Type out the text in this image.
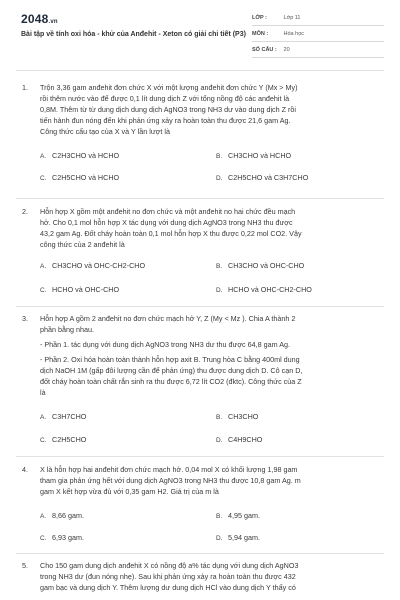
2048.vn
Bài tập về tính oxi hóa - khử của Anđehit - Xeton có giải chi tiết (P3)
LỚP :	Lớp 11
MÔN :	Hóa học
SỐ CÂU : 20
1.	Trộn 3,36 gam anđehit đơn chức X với một lượng anđehit đơn chức Y (Mx > My)
rồi thêm nước vào để được 0,1 lít dung dịch Z với tổng nồng độ các anđehit là
0,8M. Thêm từ từ dung dịch dung dịch AgNO3 trong NH3 dư vào dung dịch Z rồi
tiến hành đun nóng đến khi phản ứng xảy ra hoàn toàn thu được 21,6 gam Ag.
Công thức cấu tạo của X và Y lần lượt là
A. C2H3CHO và HCHO	B. CH3CHO và HCHO
C. C2H5CHO và HCHO	D. C2H5CHO và C3H7CHO
2.	Hỗn hợp X gồm một anđehit no đơn chức và một anđehit no hai chức đều mạch
hở. Cho 0,1 mol hỗn hợp X tác dụng với dung dịch AgNO3 trong NH3 thu được
43,2 gam Ag. Đốt cháy hoàn toàn 0,1 mol hỗn hợp X thu được 0,22 mol CO2. Vậy
công thức của 2 anđehit là
A. CH3CHO và OHC-CH2-CHO	B. CH3CHO và OHC-CHO
C. HCHO và OHC-CHO	D. HCHO và OHC-CH2-CHO
3.	Hỗn hợp A gồm 2 anđehit no đơn chức mạch hở Y, Z (My < Mz ). Chia A thành 2
phần bằng nhau.
- Phần 1. tác dụng với dung dịch AgNO3 trong NH3 dư thu được 64,8 gam Ag.
- Phần 2. Oxi hóa hoàn toàn thành hỗn hợp axit B. Trung hòa C bằng 400ml dung
dịch NaOH 1M (gấp đôi lượng cần để phản ứng) thu được dung dịch D. Cô cạn D,
đốt cháy hoàn toàn chất rắn sinh ra thu được 6,72 lít CO2 (đktc). Công thức của Z
là
A. C3H7CHO	B. CH3CHO
C. C2H5CHO	D. C4H9CHO
4.	X là hỗn hợp hai anđehit đơn chức mạch hở. 0,04 mol X có khối lượng 1,98 gam
tham gia phản ứng hết với dung dịch AgNO3 trong NH3 thu được 10,8 gam Ag. m
gam X kết hợp vừa đủ với 0,35 gam H2. Giá trị của m là
A. 8,66 gam.	B. 4,95 gam.
C. 6,93 gam.	D. 5,94 gam.
5.	Cho 150 gam dung dịch anđehit X có nồng độ a% tác dụng với dung dịch AgNO3
trong NH3 dư (đun nóng nhẹ). Sau khi phản ứng xảy ra hoàn toàn thu được 432
gam bạc và dung dịch Y. Thêm lượng dư dung dịch HCl vào dung dịch Y thấy có
